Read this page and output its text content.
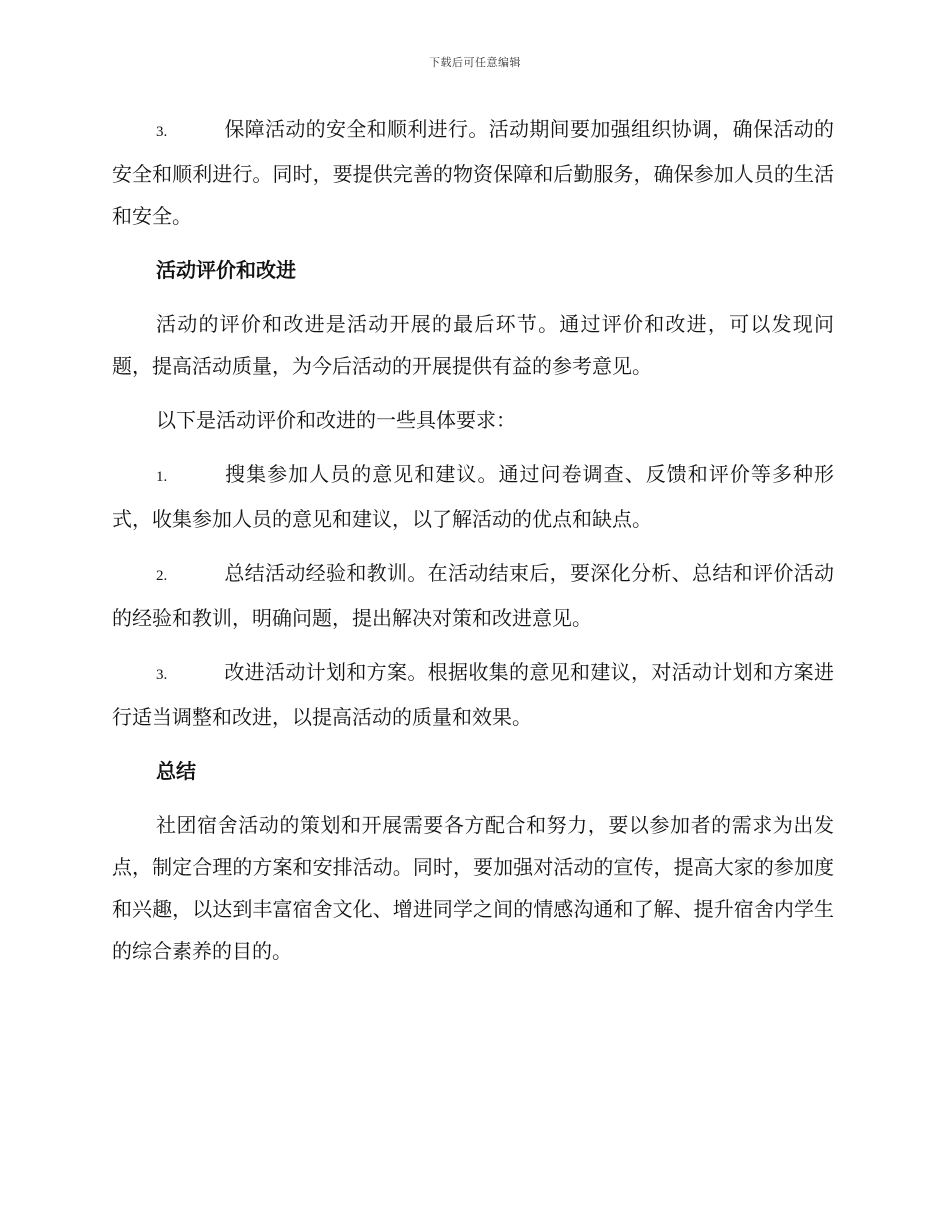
下载后可任意编辑

3.	保障活动的安全和顺利进行。活动期间要加强组织协调，确保活动的安全和顺利进行。同时，要提供完善的物资保障和后勤服务，确保参加人员的生活和安全。

活动评价和改进

活动的评价和改进是活动开展的最后环节。通过评价和改进，可以发现问题，提高活动质量，为今后活动的开展提供有益的参考意见。

以下是活动评价和改进的一些具体要求：

1.	搜集参加人员的意见和建议。通过问卷调查、反馈和评价等多种形式，收集参加人员的意见和建议，以了解活动的优点和缺点。

2.	总结活动经验和教训。在活动结束后，要深化分析、总结和评价活动的经验和教训，明确问题，提出解决对策和改进意见。

3.	改进活动计划和方案。根据收集的意见和建议，对活动计划和方案进行适当调整和改进，以提高活动的质量和效果。

总结

社团宿舍活动的策划和开展需要各方配合和努力，要以参加者的需求为出发点，制定合理的方案和安排活动。同时，要加强对活动的宣传，提高大家的参加度和兴趣，以达到丰富宿舍文化、增进同学之间的情感沟通和了解、提升宿舍内学生的综合素养的目的。
